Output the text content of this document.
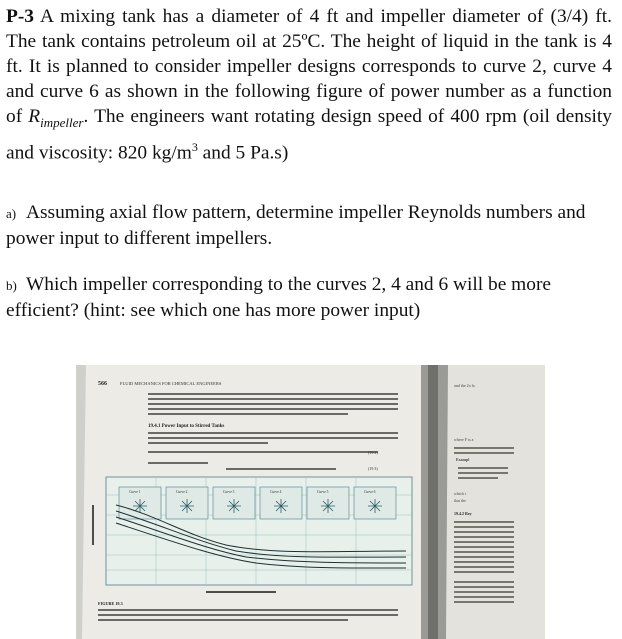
P-3 A mixing tank has a diameter of 4 ft and impeller diameter of (3/4) ft. The tank contains petroleum oil at 25ºC. The height of liquid in the tank is 4 ft. It is planned to consider impeller designs corresponds to curve 2, curve 4 and curve 6 as shown in the following figure of power number as a function of $R_{impeller}$. The engineers want rotating design speed of 400 rpm (oil density and viscosity: 820 $kg/m^3$ and 5 Pa.s)
a) Assuming axial flow pattern, determine impeller Reynolds numbers and power input to different impellers.
b) Which impeller corresponding to the curves 2, 4 and 6 will be more efficient? (hint: see which one has more power input)
566	FLUID MECHANICS FOR CHEMICAL ENGINEERS
19.4.1 Power Input to Stirred Tanks
(19.2)
(19.3)
Curve 1	Curve 2	Curve 3	Curve 4	Curve 5	Curve 6
FIGURE 19.3
and the 2π lo
where F is a
Exampl
which i
that the
19.4.2 Rey
